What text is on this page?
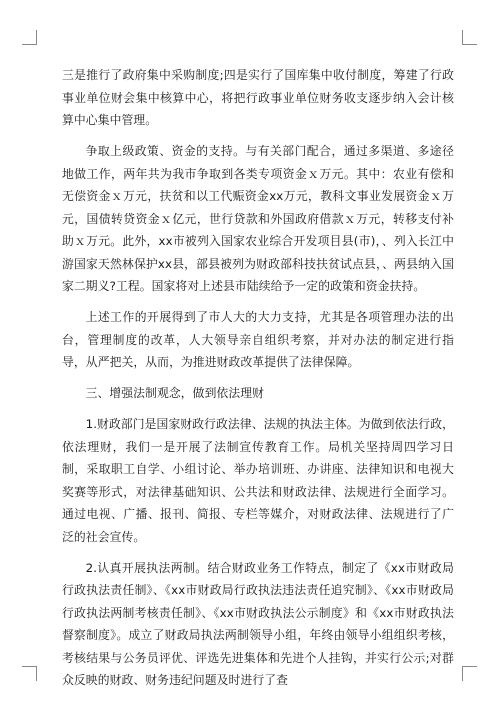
三是推行了政府集中采购制度;四是实行了国库集中收付制度，筹建了行政事业单位财会集中核算中心，将把行政事业单位财务收支逐步纳入会计核算中心集中管理。

争取上级政策、资金的支持。与有关部门配合，通过多渠道、多途径地做工作，两年共为我市争取到各类专项资金ｘ万元。其中：农业有偿和无偿资金ｘ万元，扶贫和以工代赈资金xx万元，教科文事业发展资金ｘ万元，国债转贷资金ｘ亿元，世行贷款和外国政府借款ｘ万元，转移支付补助ｘ万元。此外，xx市被列入国家农业综合开发项目县(市)，、列入长江中游国家天然林保护xx县，部县被列为财政部科技扶贫试点县，、两县纳入国家二期义?工程。国家将对上述县市陆续给予一定的政策和资金扶持。

上述工作的开展得到了市人大的大力支持，尤其是各项管理办法的出台，管理制度的改革，人大领导亲自组织考察，并对办法的制定进行指导，从严把关，从而，为推进财政改革提供了法律保障。

三、增强法制观念，做到依法理财

1.财政部门是国家财政行政法律、法规的执法主体。为做到依法行政，依法理财，我们一是开展了法制宣传教育工作。局机关坚持周四学习日制，采取职工自学、小组讨论、举办培训班、办讲座、法律知识和电视大奖赛等形式，对法律基础知识、公共法和财政法律、法规进行全面学习。通过电视、广播、报刊、简报、专栏等媒介，对财政法律、法规进行了广泛的社会宣传。

2.认真开展执法两制。结合财政业务工作特点，制定了《xx市财政局行政执法责任制》、《xx市财政局行政执法违法责任追究制》、《xx市财政局行政执法两制考核责任制》、《xx市财政执法公示制度》和《xx市财政执法督察制度》。成立了财政局执法两制领导小组，年终由领导小组组织考核，考核结果与公务员评优、评选先进集体和先进个人挂钩，并实行公示;对群众反映的财政、财务违纪问题及时进行了查
